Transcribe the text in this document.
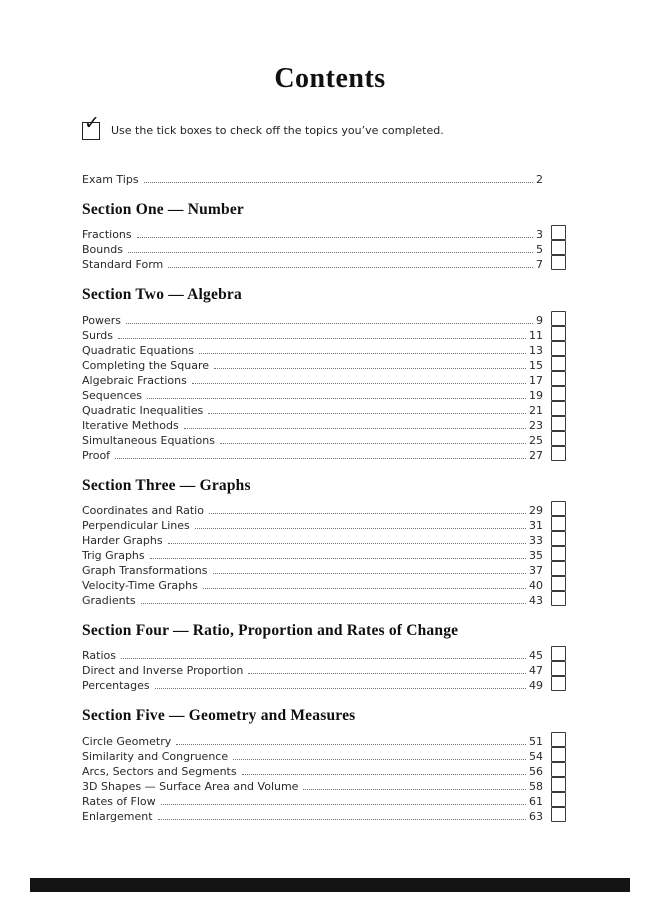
Contents
✓ Use the tick boxes to check off the topics you’ve completed.
Exam Tips	2
Section One — Number
Fractions	3
Bounds	5
Standard Form	7
Section Two — Algebra
Powers	9
Surds	11
Quadratic Equations	13
Completing the Square	15
Algebraic Fractions	17
Sequences	19
Quadratic Inequalities	21
Iterative Methods	23
Simultaneous Equations	25
Proof	27
Section Three — Graphs
Coordinates and Ratio	29
Perpendicular Lines	31
Harder Graphs	33
Trig Graphs	35
Graph Transformations	37
Velocity-Time Graphs	40
Gradients	43
Section Four — Ratio, Proportion and Rates of Change
Ratios	45
Direct and Inverse Proportion	47
Percentages	49
Section Five — Geometry and Measures
Circle Geometry	51
Similarity and Congruence	54
Arcs, Sectors and Segments	56
3D Shapes — Surface Area and Volume	58
Rates of Flow	61
Enlargement	63
